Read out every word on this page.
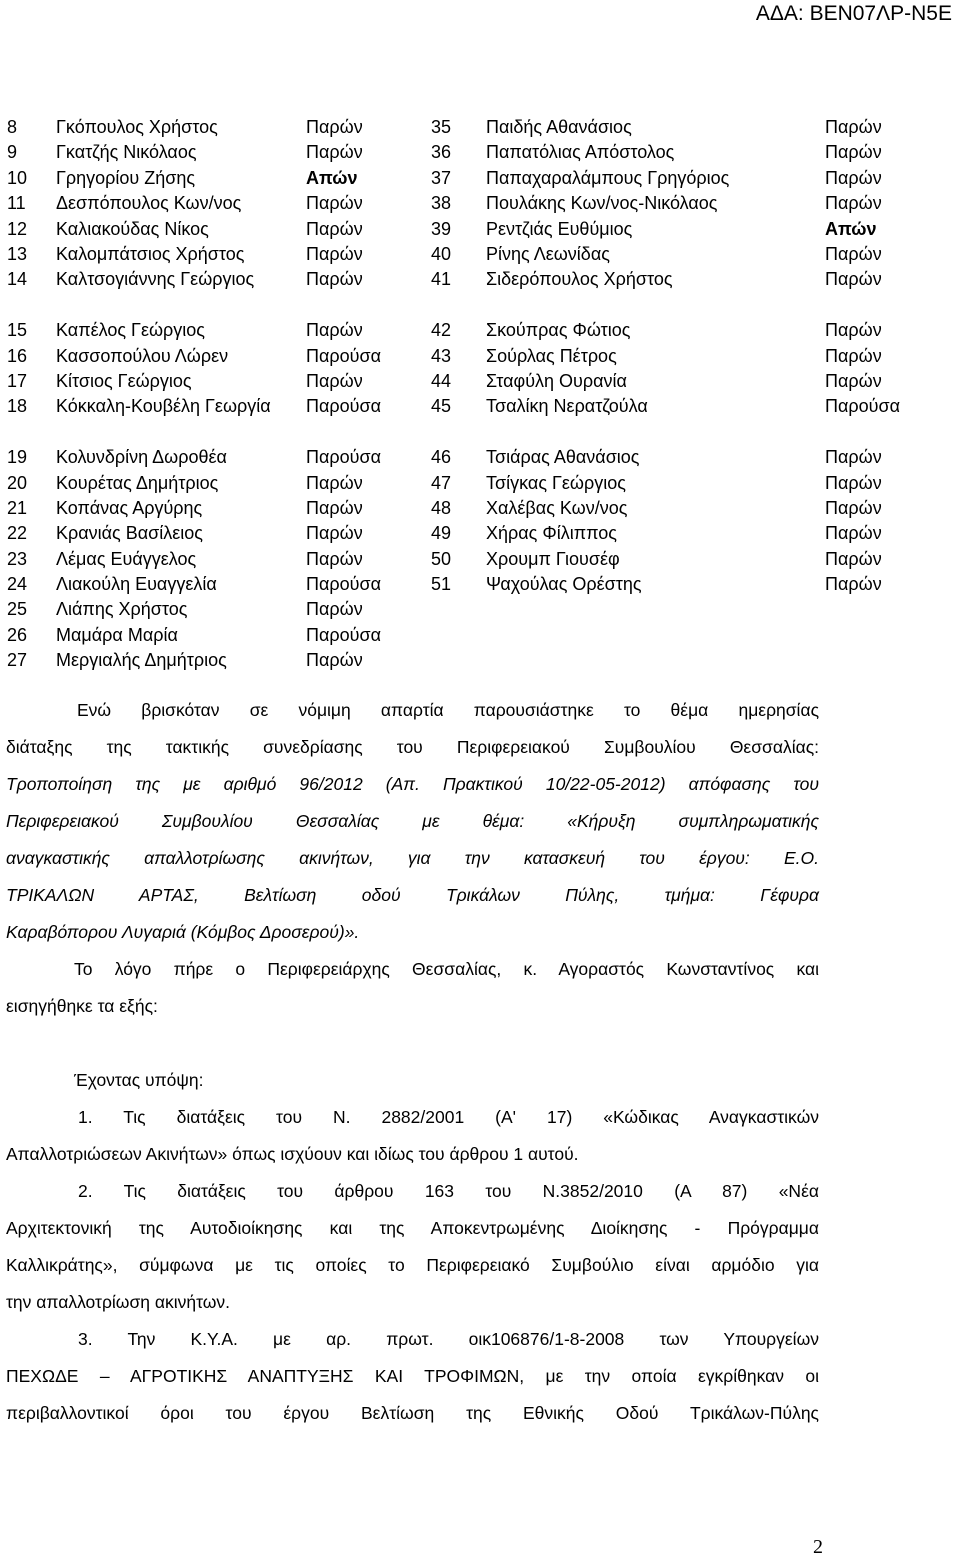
ΑΔΑ: ΒΕΝ07ΛΡ-Ν5Ε
8 Γκόπουλος Χρήστος	Παρών
9 Γκατζής Νικόλαος	Παρών
10 Γρηγορίου Ζήσης	Απών
11 Δεσπόπουλος Κων/νος	Παρών
12 Καλιακούδας Νίκος	Παρών
13 Καλομπάτσιος Χρήστος	Παρών
14 Καλτσογιάννης Γεώργιος	Παρών
15 Καπέλος Γεώργιος	Παρών
16 Κασσοπούλου Λώρεν	Παρούσα
17 Κίτσιος Γεώργιος	Παρών
18 Κόκκαλη-Κουβέλη Γεωργία	Παρούσα
19 Κολυνδρίνη Δωροθέα	Παρούσα
20 Κουρέτας Δημήτριος	Παρών
21 Κοπάνας Αργύρης	Παρών
22 Κρανιάς Βασίλειος	Παρών
23 Λέμας Ευάγγελος	Παρών
24 Λιακούλη Ευαγγελία	Παρούσα
25 Λιάπης Χρήστος	Παρών
26 Μαμάρα Μαρία	Παρούσα
27 Μεργιαλής Δημήτριος	Παρών
35 Παιδής Αθανάσιος	Παρών
36 Παπατόλιας Απόστολος	Παρών
37 Παπαχαραλάμπους Γρηγόριος	Παρών
38 Πουλάκης Κων/νος-Νικόλαος	Παρών
39 Ρεντζιάς Ευθύμιος	Απών
40 Ρίνης Λεωνίδας	Παρών
41 Σιδερόπουλος Χρήστος	Παρών
42 Σκούπρας Φώτιος	Παρών
43 Σούρλας Πέτρος	Παρών
44 Σταφύλη Ουρανία	Παρών
45 Τσαλίκη Νερατζούλα	Παρούσα
46 Τσιάρας Αθανάσιος	Παρών
47 Τσίγκας Γεώργιος	Παρών
48 Χαλέβας Κων/νος	Παρών
49 Χήρας Φίλιππος	Παρών
50 Χρουμπ Γιουσέφ	Παρών
51 Ψαχούλας Ορέστης	Παρών
Ενώ βρισκόταν σε νόμιμη απαρτία παρουσιάστηκε το θέμα ημερησίας
διάταξης της τακτικής συνεδρίασης του Περιφερειακού Συμβουλίου Θεσσαλίας:
Τροποποίηση της με αριθμό 96/2012 (Απ. Πρακτικού 10/22-05-2012) απόφασης του
Περιφερειακού Συμβουλίου Θεσσαλίας με θέμα: «Κήρυξη συμπληρωματικής
αναγκαστικής απαλλοτρίωσης ακινήτων, για την κατασκευή του έργου: Ε.Ο.
ΤΡΙΚΑΛΩΝ ΑΡΤΑΣ, Βελτίωση οδού Τρικάλων Πύλης, τμήμα: Γέφυρα
Καραβόπορου Λυγαριά (Κόμβος Δροσερού)».
Το λόγο πήρε ο Περιφερειάρχης Θεσσαλίας, κ. Αγοραστός Κωνσταντίνος και
εισηγήθηκε τα εξής:
Έχοντας υπόψη:
1. Τις διατάξεις του Ν. 2882/2001 (Α' 17) «Κώδικας Αναγκαστικών
Απαλλοτριώσεων Ακινήτων» όπως ισχύουν και ιδίως του άρθρου 1 αυτού.
2. Τις διατάξεις του άρθρου 163 του Ν.3852/2010 (Α 87) «Νέα
Αρχιτεκτονική της Αυτοδιοίκησης και της Αποκεντρωμένης Διοίκησης - Πρόγραμμα
Καλλικράτης», σύμφωνα με τις οποίες το Περιφερειακό Συμβούλιο είναι αρμόδιο για
την απαλλοτρίωση ακινήτων.
3. Την Κ.Υ.Α. με αρ. πρωτ. οικ106876/1-8-2008 των Υπουργείων
ΠΕΧΩΔΕ – ΑΓΡΟΤΙΚΗΣ ΑΝΑΠΤΥΞΗΣ ΚΑΙ ΤΡΟΦΙΜΩΝ, με την οποία εγκρίθηκαν οι
περιβαλλοντικοί όροι του έργου Βελτίωση της Εθνικής Οδού Τρικάλων-Πύλης
2
